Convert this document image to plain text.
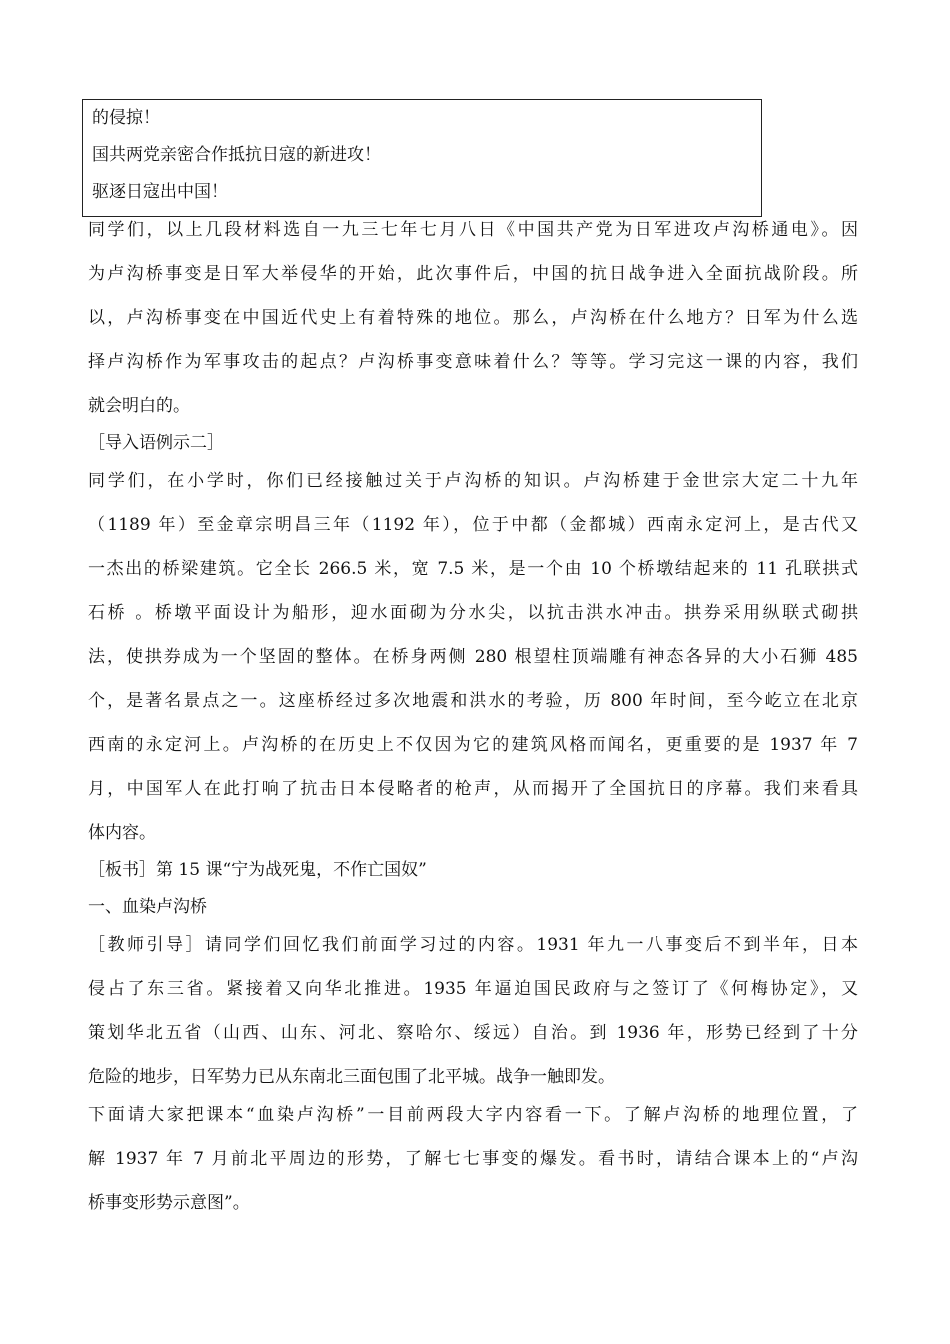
的侵掠！
国共两党亲密合作抵抗日寇的新进攻！
驱逐日寇出中国！
同学们，以上几段材料选自一九三七年七月八日《中国共产党为日军进攻卢沟桥通电》。因
为卢沟桥事变是日军大举侵华的开始，此次事件后，中国的抗日战争进入全面抗战阶段。所
以，卢沟桥事变在中国近代史上有着特殊的地位。那么，卢沟桥在什么地方？日军为什么选
择卢沟桥作为军事攻击的起点？卢沟桥事变意味着什么？等等。学习完这一课的内容，我们
就会明白的。
［导入语例示二］
同学们，在小学时，你们已经接触过关于卢沟桥的知识。卢沟桥建于金世宗大定二十九年
（1189 年）至金章宗明昌三年（1192 年），位于中都（金都城）西南永定河上，是古代又
一杰出的桥梁建筑。它全长 266.5 米，宽 7.5 米，是一个由 10 个桥墩结起来的 11 孔联拱式
石桥 。桥墩平面设计为船形，迎水面砌为分水尖，以抗击洪水冲击。拱券采用纵联式砌拱
法，使拱券成为一个坚固的整体。在桥身两侧 280 根望柱顶端雕有神态各异的大小石狮 485
个，是著名景点之一。这座桥经过多次地震和洪水的考验，历 800 年时间，至今屹立在北京
西南的永定河上。卢沟桥的在历史上不仅因为它的建筑风格而闻名，更重要的是 1937 年 7
月，中国军人在此打响了抗击日本侵略者的枪声，从而揭开了全国抗日的序幕。我们来看具
体内容。
［板书］第 15 课“宁为战死鬼，不作亡国奴”
一、血染卢沟桥
［教师引导］请同学们回忆我们前面学习过的内容。1931 年九一八事变后不到半年，日本
侵占了东三省。紧接着又向华北推进。1935 年逼迫国民政府与之签订了《何梅协定》，又
策划华北五省（山西、山东、河北、察哈尔、绥远）自治。到 1936 年，形势已经到了十分
危险的地步，日军势力已从东南北三面包围了北平城。战争一触即发。
下面请大家把课本“血染卢沟桥”一目前两段大字内容看一下。了解卢沟桥的地理位置，了
解 1937 年 7 月前北平周边的形势，了解七七事变的爆发。看书时，请结合课本上的“卢沟
桥事变形势示意图”。
